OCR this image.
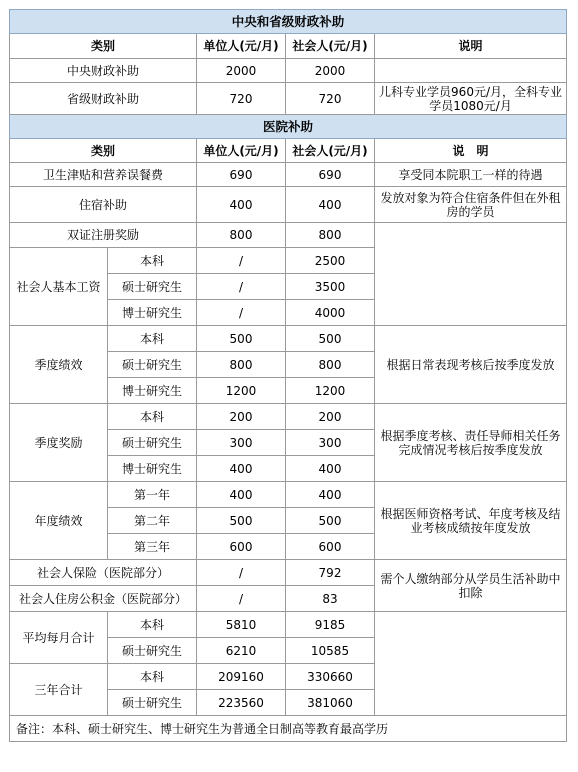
中央和省级财政补助				
类别		单位人(元/月)	社会人(元/月)	说明
中央财政补助		2000	2000	
省级财政补助		720	720	儿科专业学员960元/月，全科专业学员1080元/月
医院补助				
类别		单位人(元/月)	社会人(元/月)	说　明
卫生津贴和营养误餐费		690	690	享受同本院职工一样的待遇
住宿补助		400	400	发放对象为符合住宿条件但在外租房的学员
双证注册奖励		800	800	
社会人基本工资	本科	/	2500	
	硕士研究生	/	3500	
	博士研究生	/	4000	
季度绩效	本科	500	500	根据日常表现考核后按季度发放
	硕士研究生	800	800	
	博士研究生	1200	1200	
季度奖励	本科	200	200	根据季度考核、责任导师相关任务完成情况考核后按季度发放
	硕士研究生	300	300	
	博士研究生	400	400	
年度绩效	第一年	400	400	根据医师资格考试、年度考核及结业考核成绩按年度发放
	第二年	500	500	
	第三年	600	600	
社会人保险（医院部分）		/	792	需个人缴纳部分从学员生活补助中扣除
社会人住房公积金（医院部分）		/	83	
平均每月合计	本科	5810	9185	
	硕士研究生	6210	10585	
三年合计	本科	209160	330660	
	硕士研究生	223560	381060	
备注：本科、硕士研究生、博士研究生为普通全日制高等教育最高学历				
